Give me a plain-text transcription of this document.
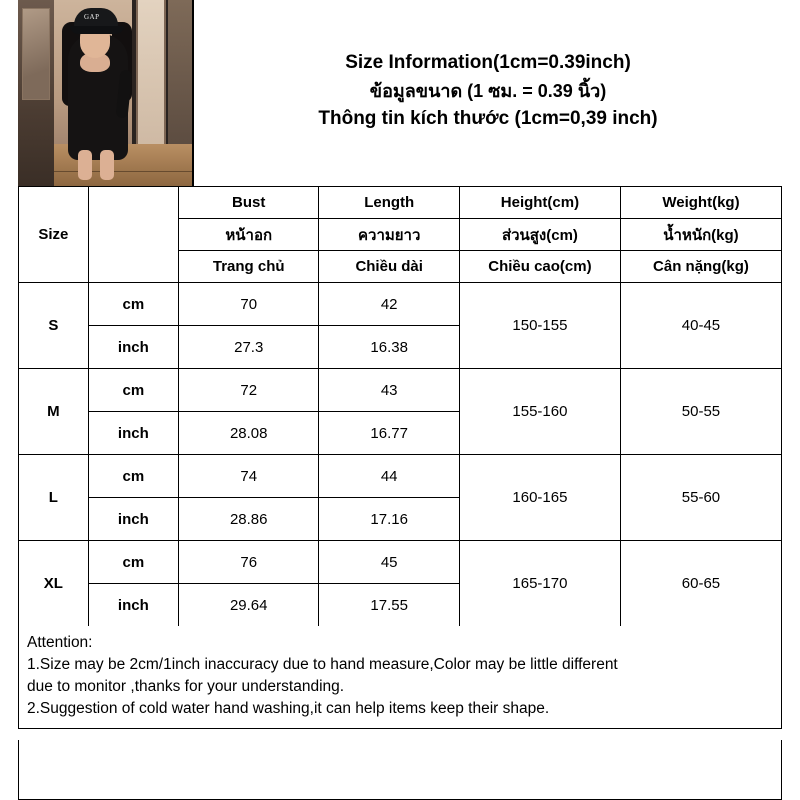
GAP
Size Information(1cm=0.39inch)
ข้อมูลขนาด (1 ซม. = 0.39 นิ้ว)
Thông tin kích thước (1cm=0,39 inch)
Size		Bust	Length	Height(cm)	Weight(kg)
		หน้าอก	ความยาว	ส่วนสูง(cm)	น้ำหนัก(kg)
		Trang chủ	Chiều dài	Chiều cao(cm)	Cân nặng(kg)
S	cm	70	42	150-155	40-45
	inch	27.3	16.38		
M	cm	72	43	155-160	50-55
	inch	28.08	16.77		
L	cm	74	44	160-165	55-60
	inch	28.86	17.16		
XL	cm	76	45	165-170	60-65
	inch	29.64	17.55		
Attention:
1.Size may be 2cm/1inch inaccuracy due to hand measure,Color may be little different
due to monitor ,thanks for your understanding.
2.Suggestion of cold water hand washing,it can help items keep their shape.
